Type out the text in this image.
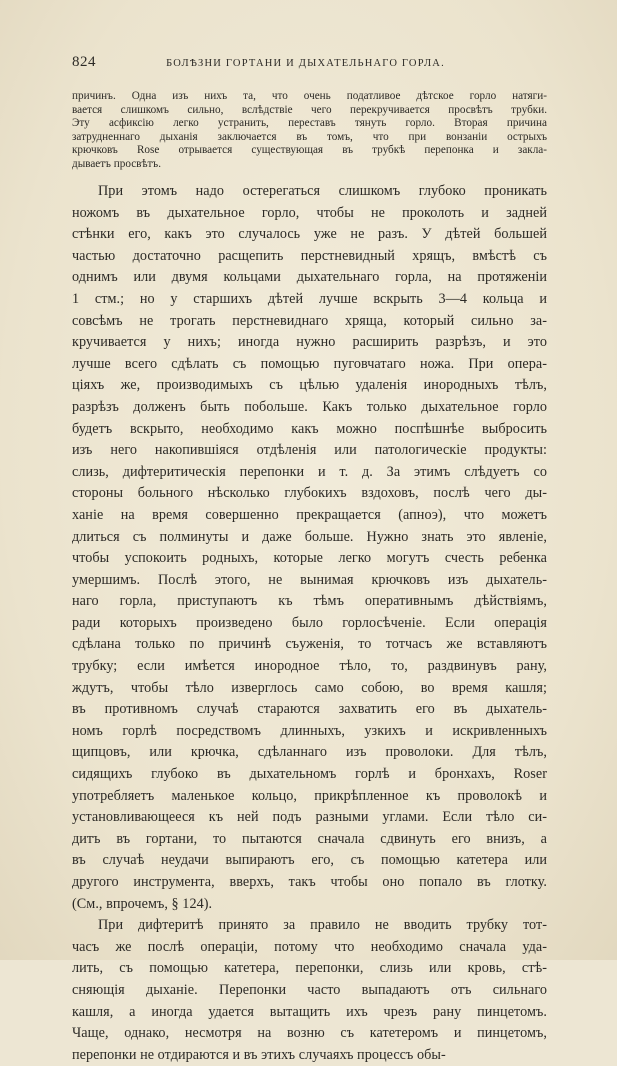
824	БОЛѢЗНИ ГОРТАНИ И ДЫХАТЕЛЬНАГО ГОРЛА.
причинъ. Одна изъ нихъ та, что очень податливое дѣтское горло натяги-
вается слишкомъ сильно, вслѣдствіе чего перекручивается просвѣтъ трубки.
Эту асфиксію легко устранить, переставъ тянуть горло. Вторая причина
затрудненнаго дыханія заключается въ томъ, что при вонзаніи острыхъ
крючковъ Rose отрывается существующая въ трубкѣ перепонка и закла-
дываетъ просвѣтъ.
При этомъ надо остерегаться слишкомъ глубоко проникать
ножомъ въ дыхательное горло, чтобы не проколоть и задней
стѣнки его, какъ это случалось уже не разъ. У дѣтей большей
частью достаточно расщепить перстневидный хрящъ, вмѣстѣ съ
однимъ или двумя кольцами дыхательнаго горла, на протяженіи
1 стм.; но у старшихъ дѣтей лучше вскрыть 3—4 кольца и
совсѣмъ не трогать перстневиднаго хряща, который сильно за-
кручивается у нихъ; иногда нужно расширить разрѣзъ, и это
лучше всего сдѣлать съ помощью пуговчатаго ножа. При опера-
ціяхъ же, производимыхъ съ цѣлью удаленія инородныхъ тѣлъ,
разрѣзъ долженъ быть побольше. Какъ только дыхательное горло
будетъ вскрыто, необходимо какъ можно поспѣшнѣе выбросить
изъ него накопившіяся отдѣленія или патологическіе продукты:
слизь, дифтеритическія перепонки и т. д. За этимъ слѣдуетъ со
стороны больного нѣсколько глубокихъ вздоховъ, послѣ чего ды-
ханіе на время совершенно прекращается (апноэ), что можетъ
длиться съ полминуты и даже больше. Нужно знать это явленіе,
чтобы успокоить родныхъ, которые легко могутъ счесть ребенка
умершимъ. Послѣ этого, не вынимая крючковъ изъ дыхатель-
наго горла, приступаютъ къ тѣмъ оперативнымъ дѣйствіямъ,
ради которыхъ произведено было горлосѣченіе. Если операція
сдѣлана только по причинѣ съуженія, то тотчасъ же вставляютъ
трубку; если имѣется инородное тѣло, то, раздвинувъ рану,
ждутъ, чтобы тѣло изверглось само собою, во время кашля;
въ противномъ случаѣ стараются захватить его въ дыхатель-
номъ горлѣ посредствомъ длинныхъ, узкихъ и искривленныхъ
щипцовъ, или крючка, сдѣланнаго изъ проволоки. Для тѣлъ,
сидящихъ глубоко въ дыхательномъ горлѣ и бронхахъ, Roser
употребляетъ маленькое кольцо, прикрѣпленное къ проволокѣ и
установливающееся къ ней подъ разными углами. Если тѣло си-
дитъ въ гортани, то пытаются сначала сдвинуть его внизъ, а
въ случаѣ неудачи выпираютъ его, съ помощью катетера или
другого инструмента, вверхъ, такъ чтобы оно попало въ глотку.
(См., впрочемъ, § 124).
При дифтеритѣ принято за правило не вводить трубку тот-
часъ же послѣ операціи, потому что необходимо сначала уда-
лить, съ помощью катетера, перепонки, слизь или кровь, стѣ-
сняющія дыханіе. Перепонки часто выпадаютъ отъ сильнаго
кашля, а иногда удается вытащить ихъ чрезъ рану пинцетомъ.
Чаще, однако, несмотря на возню съ катетеромъ и пинцетомъ,
перепонки не отдираются и въ этихъ случаяхъ процессъ обы-
